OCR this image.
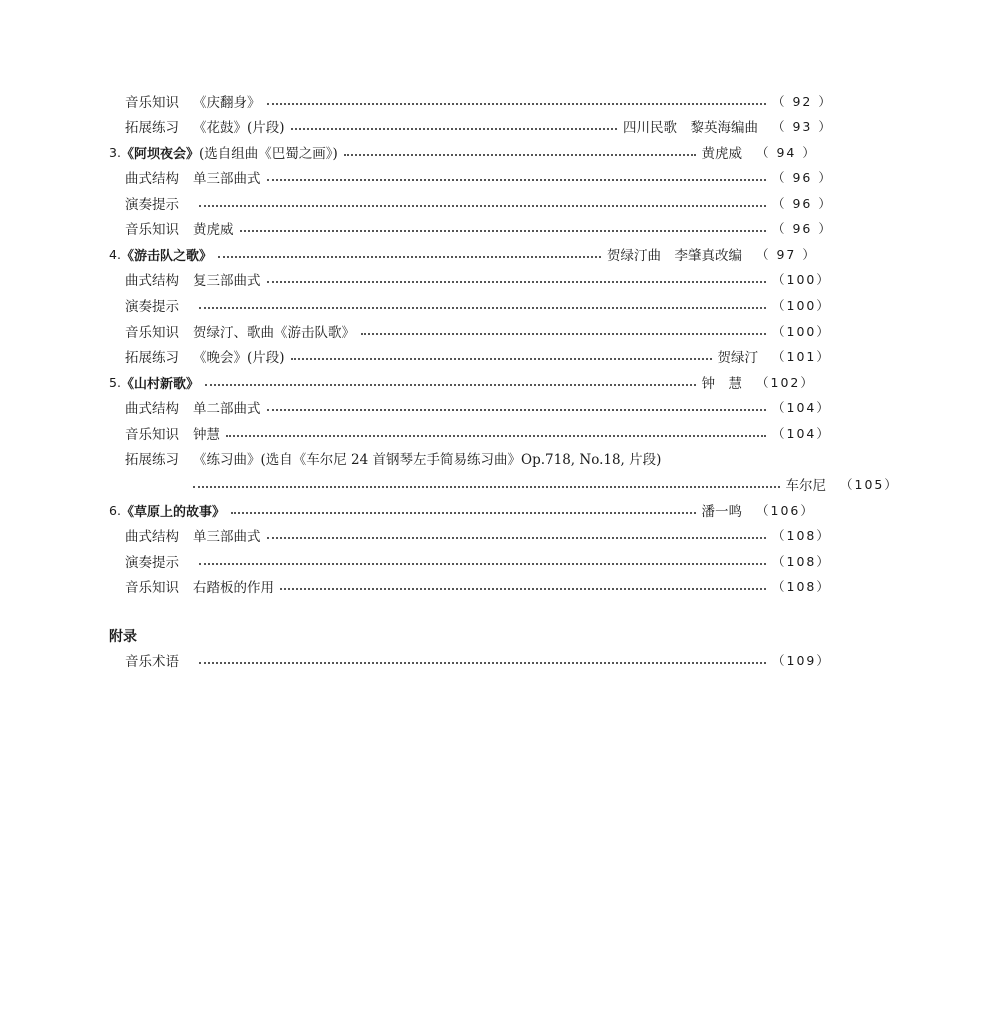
音乐知识	《庆翻身》	（ 92 ）
拓展练习	《花鼓》(片段)	四川民歌　黎英海编曲 （ 93 ）
3. 《阿坝夜会》 (选自组曲《巴蜀之画》)	黄虎威 （ 94 ）
曲式结构	单三部曲式	（ 96 ）
演奏提示	（ 96 ）
音乐知识	黄虎威	（ 96 ）
4. 《游击队之歌》	贺绿汀曲　李肇真改编 （ 97 ）
曲式结构	复三部曲式	（100）
演奏提示	（100）
音乐知识	贺绿汀、歌曲《游击队歌》	（100）
拓展练习	《晚会》(片段)	贺绿汀 （101）
5. 《山村新歌》	钟　慧 （102）
曲式结构	单二部曲式	（104）
音乐知识	钟慧	（104）
拓展练习	《练习曲》(选自《车尔尼 24 首钢琴左手简易练习曲》Op.718, No.18, 片段)
车尔尼 （105）
6. 《草原上的故事》	潘一鸣 （106）
曲式结构	单三部曲式	（108）
演奏提示	（108）
音乐知识	右踏板的作用	（108）
附录
音乐术语	（109）
